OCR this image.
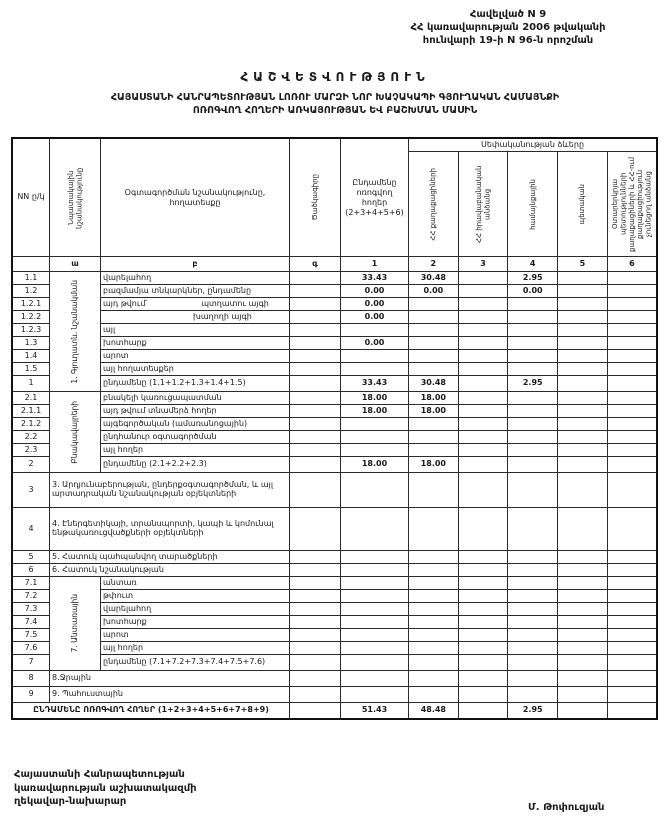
Հավելված N 9
ՀՀ կառավարության 2006 թվականի
հունվարի 19-ի N 96-ն որոշման
ՀԱՇՎԵՏՎՈՒԹՅՈՒՆ
ՀԱՅԱՍՏԱՆԻ ՀԱՆՐԱՊԵՏՈՒԹՅԱՆ ԼՈՌՈՒ ՄԱՐԶԻ ՆՈՐ ԽԱՉԱԿԱՊԻ ԳՅՈՒՂԱԿԱՆ ՀԱՄԱՅՆՔԻ
ՈՌՈԳՎՈՂ ՀՈՂԵՐԻ ԱՌԿԱՅՈՒԹՅԱՆ ԵՎ ԲԱՇԽՄԱՆ ՄԱՍԻՆ
NN ը/կ	Նպատակային նշանակությունը	Օգտագործման նշանակությունը, հողատեսքը	Ծածկագիրը	Ընդամենը ոռոգվող հողեր (2+3+4+5+6)	Սեփականության ձևերը				

					ՀՀ քաղաքացիների	ՀՀ իրավաբանական անձանց	համայնքային	պետական	Օտարերկրյա պետությունների քաղաքացիների և ՀՀ-ում քաղաքացիություն չունեցող անձանց

	ա	բ	գ	1	2	3	4	5	6
1.1	1. Գյուղատն. նշանակման	վարելահող		33.43	30.48		2.95		
1.2		բազմամյա տնկարկներ, ընդամենը		0.00	0.00		0.00		
1.2.1		այդ թվում՝ պտղատու այգի		0.00					
1.2.2		խաղողի այգի		0.00					
1.2.3		այլ							
1.3		խոտհարք		0.00					
1.4		արոտ							
1.5		այլ հողատեսքեր							
1		ընդամենը (1.1+1.2+1.3+1.4+1.5)		33.43	30.48		2.95		
2.1	Բնակավայրերի	բնակելի կառուցապատման		18.00	18.00				
2.1.1		այդ թվում տնամերձ հողեր		18.00	18.00				
2.1.2		այգեգործական (ամառանոցային)							
2.2		ընդհանուր օգտագործման							
2.3		այլ հողեր							
2		ընդամենը (2.1+2.2+2.3)		18.00	18.00				
3	3. Արդյունաբերության, ընդերքօգտագործման, և այլ արտադրական նշանակության օբյեկտների								
4	4. Էներգետիկայի, տրանսպորտի, կապի և կոմունալ ենթակառուցվածքների օբյեկտների								
5	5. Հատուկ պահպանվող տարածքների								
6	6. Հատուկ նշանակության								
7.1	7. Անտառային	անտառ							
7.2		թփուտ							
7.3		վարելահող							
7.4		խոտհարք							
7.5		արոտ							
7.6		այլ հողեր							
7		ընդամենը (7.1+7.2+7.3+7.4+7.5+7.6)							
8	8.Ջրային								
9	9. Պահուստային								
ԸՆԴԱՄԵՆԸ ՈՌՈԳՎՈՂ ՀՈՂԵՐ (1+2+3+4+5+6+7+8+9)				51.43	48.48		2.95		
Հայաստանի Հանրապետության
կառավարության աշխատակազմի
ղեկավար-նախարար
Մ. Թոփուզյան
